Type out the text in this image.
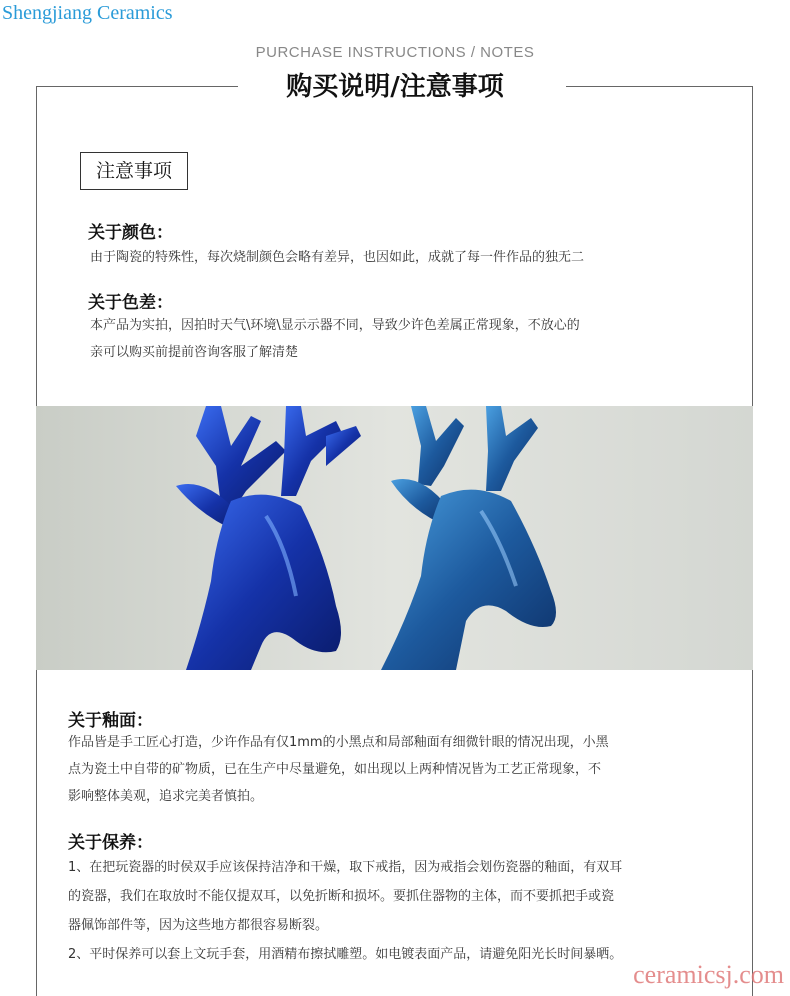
Shengjiang Ceramics
PURCHASE INSTRUCTIONS / NOTES
购买说明/注意事项
注意事项
关于颜色：
由于陶瓷的特殊性，每次烧制颜色会略有差异，也因如此，成就了每一件作品的独无二
关于色差：
本产品为实拍，因拍时天气\环境\显示示器不同，导致少许色差属正常现象，不放心的
亲可以购买前提前咨询客服了解清楚
关于釉面：
作品皆是手工匠心打造，少许作品有仅1mm的小黑点和局部釉面有细微针眼的情况出现，小黑
点为瓷土中自带的矿物质，已在生产中尽量避免，如出现以上两种情况皆为工艺正常现象，不
影响整体美观，追求完美者慎拍。
关于保养：
1、在把玩瓷器的时侯双手应该保持洁净和干燥，取下戒指，因为戒指会划伤瓷器的釉面，有双耳
的瓷器，我们在取放时不能仅提双耳，以免折断和损坏。要抓住器物的主体，而不要抓把手或瓷
器佩饰部件等，因为这些地方都很容易断裂。
2、平时保养可以套上文玩手套，用酒精布擦拭雕塑。如电镀表面产品，请避免阳光长时间暴晒。
ceramicsj.com
